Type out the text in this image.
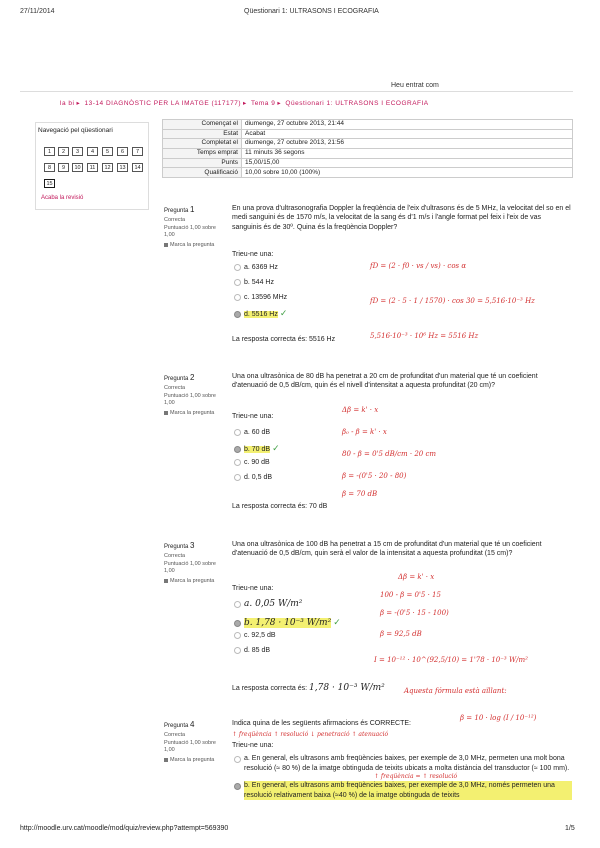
27/11/2014	Qüestionari 1: ULTRASONS I ECOGRAFIA
Heu entrat com
la bi ▸ 13-14 DIAGNÒSTIC PER LA IMATGE (117177) ▸ Tema 9 ▸ Qüestionari 1: ULTRASONS I ECOGRAFIA
Navegació pel qüestionari
1	2	3	4	5	6	7
8	9	10	11	12	13	14
15
Acaba la revisió
Començat el	diumenge, 27 octubre 2013, 21:44
Estat	Acabat
Completat el	diumenge, 27 octubre 2013, 21:56
Temps emprat	11 minuts 36 segons
Punts	15,00/15,00
Qualificació	10,00 sobre 10,00 (100%)
Pregunta 1
Correcta
Puntuació 1,00 sobre 1,00
Marca la pregunta
En una prova d'ultrasonografia Doppler la freqüència de l'eix d'ultrasons és de 5 MHz, la velocitat del so en el medi sanguini és de 1570 m/s, la velocitat de la sang és d'1 m/s i l'angle format pel feix i l'eix de vas sanguinis és de 30º. Quina és la freqüència Doppler?
Trieu-ne una:
a. 6369 Hz
b. 544 Hz
c. 13596 MHz
d. 5516 Hz ✓
La resposta correcta és: 5516 Hz
fD = (2 · f0 · vs / vs) · cos α
fD = (2 · 5 · 1 / 1570) · cos 30 = 5,516·10⁻³ Hz
5,516·10⁻³ · 10⁶ Hz = 5516 Hz
Pregunta 2
Correcta
Puntuació 1,00 sobre 1,00
Marca la pregunta
Una ona ultrasònica de 80 dB ha penetrat a 20 cm de profunditat d'un material que té un coeficient d'atenuació de 0,5 dB/cm, quin és el nivell d'intensitat a aquesta profunditat (20 cm)?
Trieu-ne una:
a. 60 dB
b. 70 dB ✓
c. 90 dB
d. 0,5 dB
La resposta correcta és: 70 dB
Δβ = k' · x
β₀ - β = k' · x
80 - β = 0'5 dB/cm · 20 cm
β = -(0'5 · 20 - 80)
β = 70 dB
Pregunta 3
Correcta
Puntuació 1,00 sobre 1,00
Marca la pregunta
Una ona ultrasònica de 100 dB ha penetrat a 15 cm de profunditat d'un material que té un coeficient d'atenuació de 0,5 dB/cm, quin serà el valor de la intensitat a aquesta profunditat (15 cm)?
Trieu-ne una:
a. 0,05 W/m²
b. 1,78 · 10⁻³ W/m² ✓
c. 92,5 dB
d. 85 dB
La resposta correcta és: 1,78 · 10⁻³ W/m²
Δβ = k' · x
100 - β = 0'5 · 15
β = -(0'5 · 15 - 100)
β = 92,5 dB
I = 10⁻¹² · 10^(92,5/10) = 1'78 · 10⁻³ W/m²
Aquesta fórmula està aïllant:
β = 10 · log (I / 10⁻¹²)
Pregunta 4
Correcta
Puntuació 1,00 sobre 1,00
Marca la pregunta
Indica quina de les següents afirmacions és CORRECTE:
↑ freqüència ↑ resolució ↓ penetració ↑ atenuació
Trieu-ne una:
a. En general, els ultrasons amb freqüències baixes, per exemple de 3,0 MHz, permeten una molt bona resolució (≈ 80 %) de la imatge obtinguda de teixits ubicats a molta distància del transductor (≈ 100 mm).
↑ freqüència = ↑ resolució
b. En general, els ultrasons amb freqüències baixes, per exemple de 3,0 MHz, només permeten una resolució relativament baixa (≈40 %) de la imatge obtinguda de teixits
http://moodle.urv.cat/moodle/mod/quiz/review.php?attempt=569390	1/5
